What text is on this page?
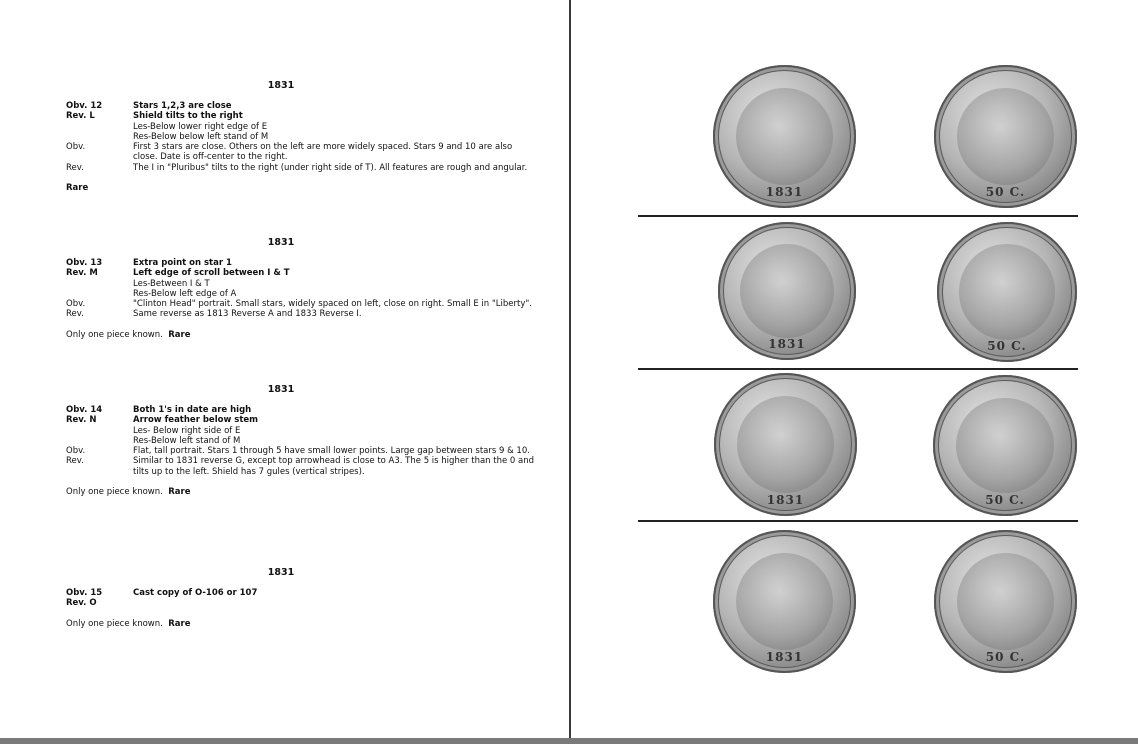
1831
Obv. 12	Stars 1,2,3 are close
Rev. L	Shield tilts to the right
Les-Below lower right edge of E
Res-Below below left stand of M
Obv.	First 3 stars are close. Others on the left are more widely spaced. Stars 9 and 10 are also close. Date is off-center to the right.
Rev.	The I in "Pluribus" tilts to the right (under right side of T). All features are rough and angular.
Rare
1831
Obv. 13	Extra point on star 1
Rev. M	Left edge of scroll between I & T
Les-Between I & T
Res-Below left edge of A
Obv.	"Clinton Head" portrait. Small stars, widely spaced on left, close on right. Small E in "Liberty".
Rev.	Same reverse as 1813 Reverse A and 1833 Reverse I.
Only one piece known. Rare
1831
Obv. 14	Both 1's in date are high
Rev. N	Arrow feather below stem
Les- Below right side of E
Res-Below left stand of M
Obv.	Flat, tall portrait. Stars 1 through 5 have small lower points. Large gap between stars 9 & 10.
Rev.	Similar to 1831 reverse G, except top arrowhead is close to A3. The 5 is higher than the 0 and tilts up to the left. Shield has 7 gules (vertical stripes).
Only one piece known. Rare
1831
Obv. 15	Cast copy of O-106 or 107
Rev. O
Only one piece known. Rare
1831	50 C.
1831	50 C.
1831	50 C.
1831	50 C.
